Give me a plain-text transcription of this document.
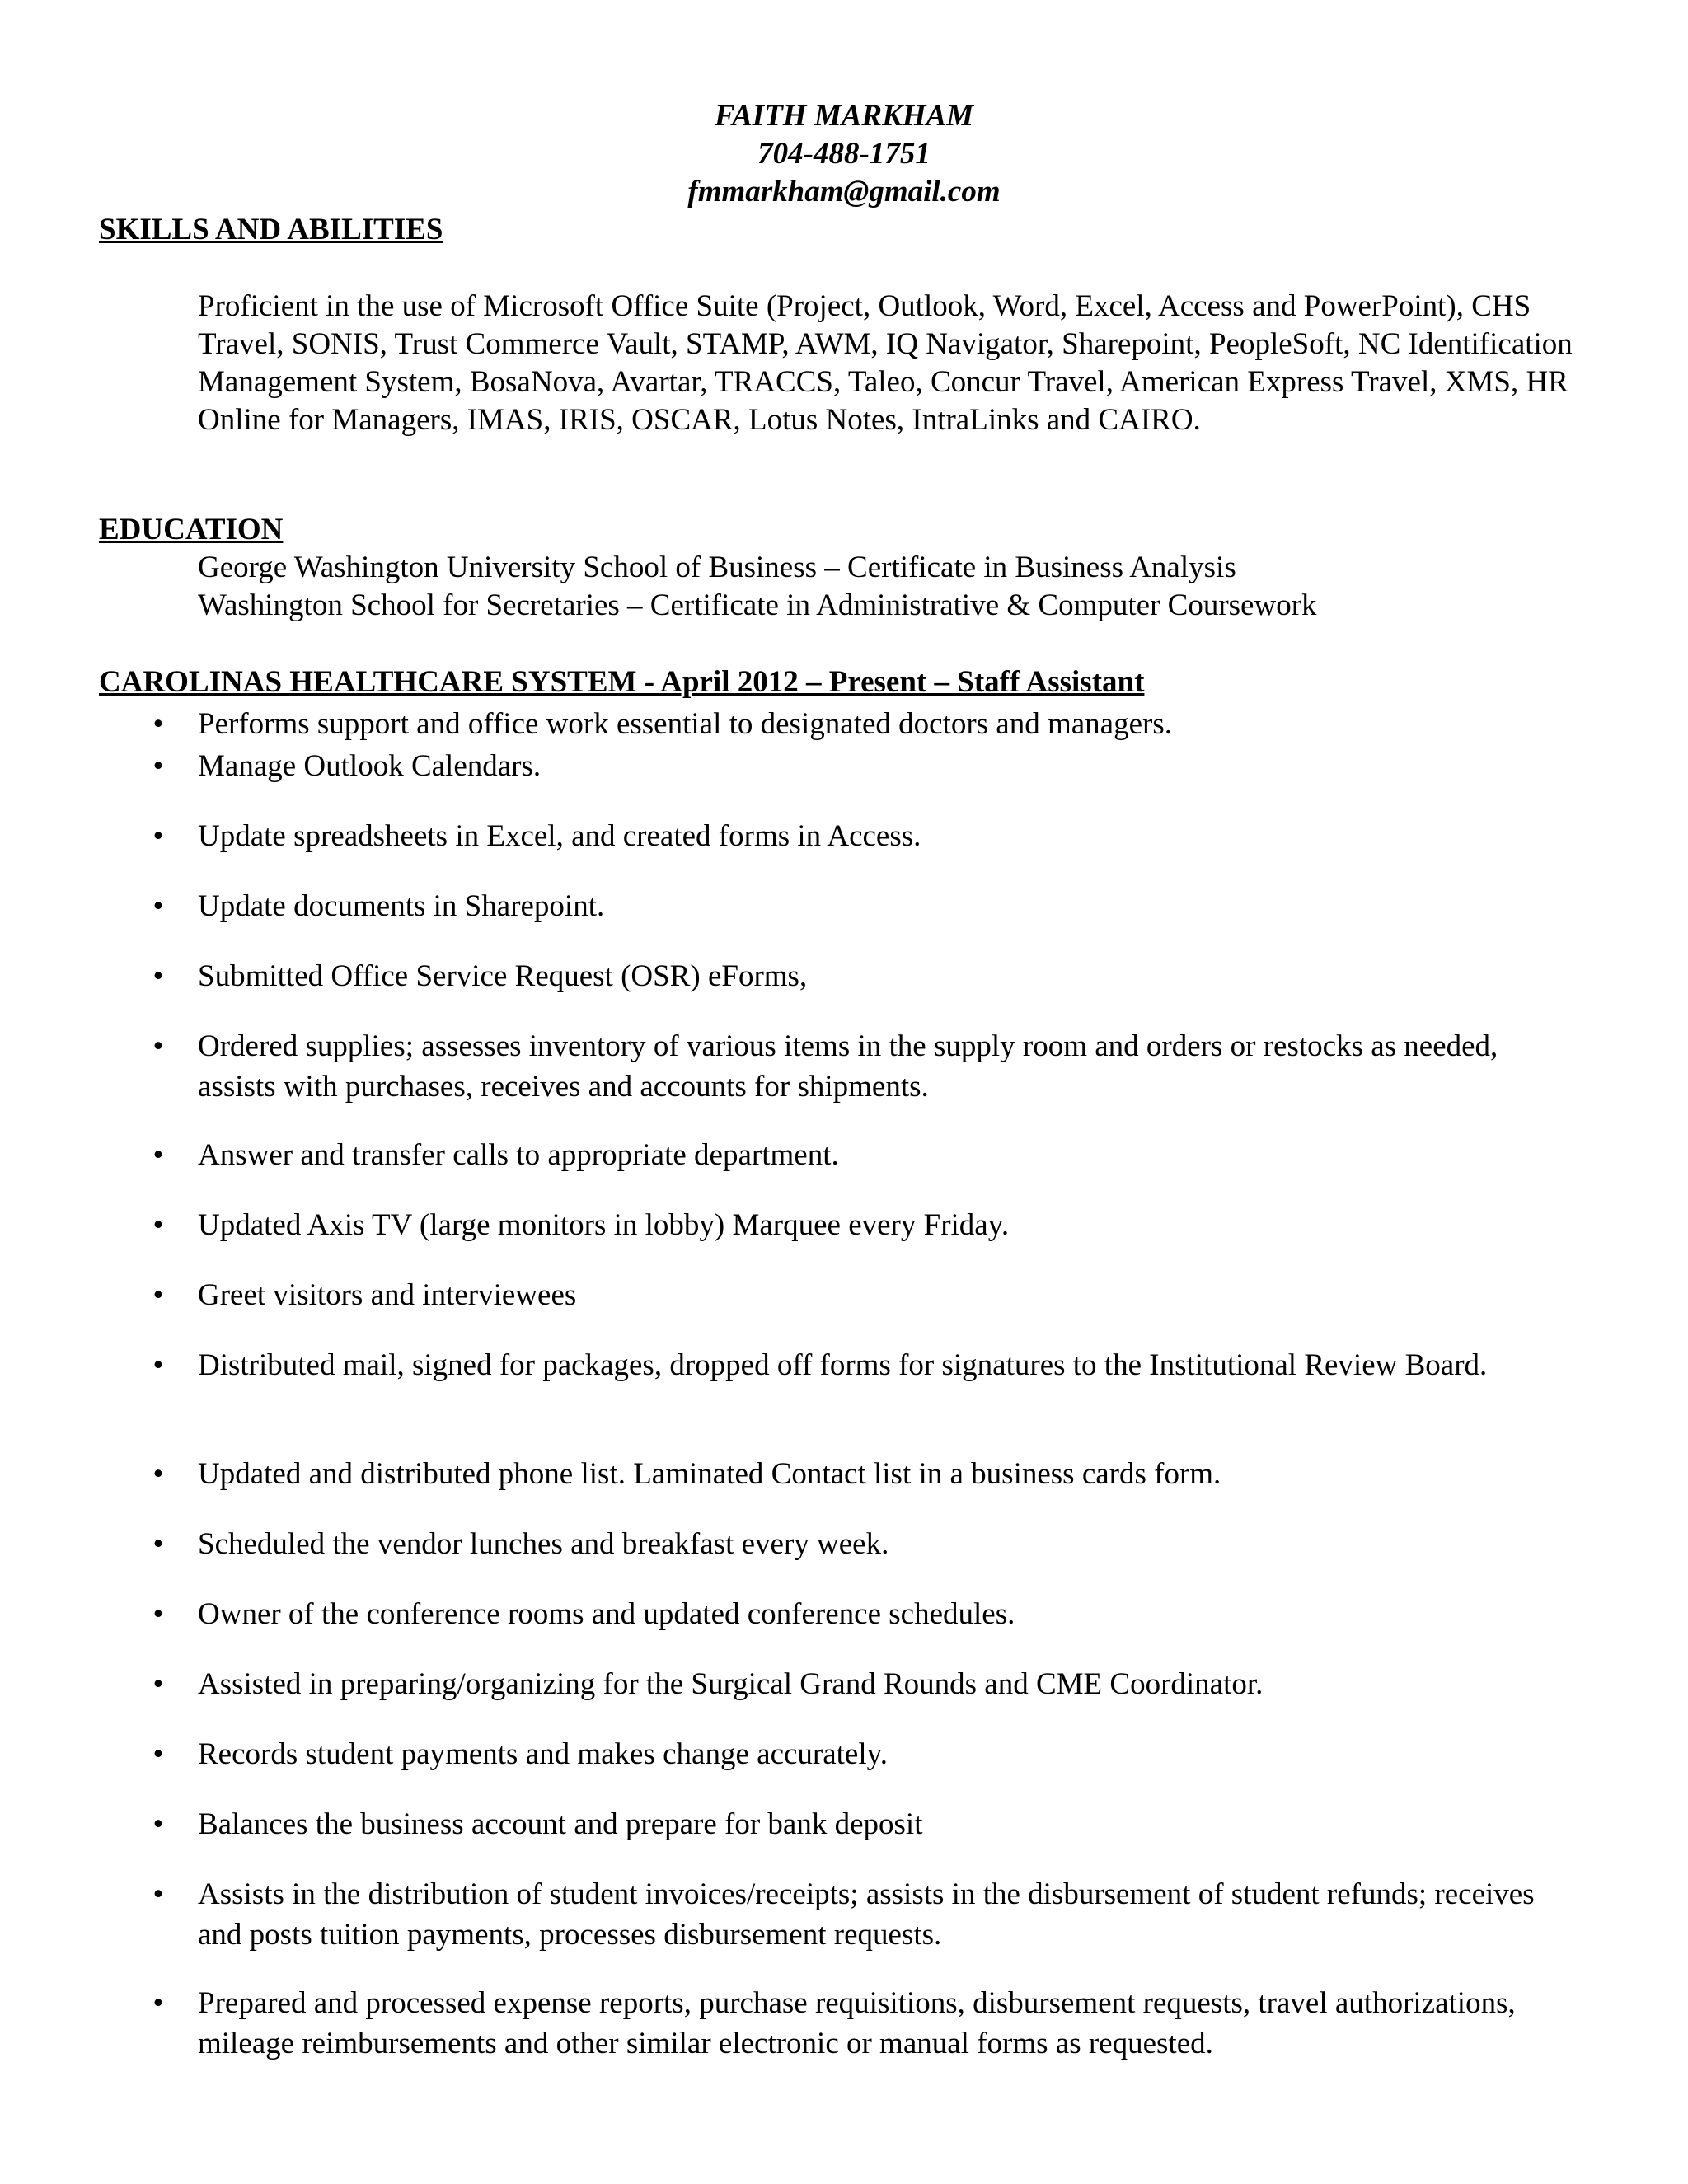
FAITH MARKHAM
704-488-1751
fmmarkham@gmail.com
SKILLS AND ABILITIES
Proficient in the use of Microsoft Office Suite (Project, Outlook, Word, Excel, Access and PowerPoint), CHS Travel, SONIS, Trust Commerce Vault, STAMP, AWM, IQ Navigator, Sharepoint, PeopleSoft, NC Identification Management System, BosaNova, Avartar, TRACCS, Taleo, Concur Travel, American Express Travel, XMS, HR Online for Managers, IMAS, IRIS, OSCAR, Lotus Notes, IntraLinks and CAIRO.
EDUCATION
George Washington University School of Business – Certificate in Business Analysis
Washington School for Secretaries – Certificate in Administrative & Computer Coursework
CAROLINAS HEALTHCARE SYSTEM - April 2012 – Present – Staff Assistant
• Performs support and office work essential to designated doctors and managers.
• Manage Outlook Calendars.
• Update spreadsheets in Excel, and created forms in Access.
• Update documents in Sharepoint.
• Submitted Office Service Request (OSR) eForms,
• Ordered supplies; assesses inventory of various items in the supply room and orders or restocks as needed, assists with purchases, receives and accounts for shipments.
• Answer and transfer calls to appropriate department.
• Updated Axis TV (large monitors in lobby) Marquee every Friday.
• Greet visitors and interviewees
• Distributed mail, signed for packages, dropped off forms for signatures to the Institutional Review Board.
• Updated and distributed phone list. Laminated Contact list in a business cards form.
• Scheduled the vendor lunches and breakfast every week.
• Owner of the conference rooms and updated conference schedules.
• Assisted in preparing/organizing for the Surgical Grand Rounds and CME Coordinator.
• Records student payments and makes change accurately.
• Balances the business account and prepare for bank deposit
• Assists in the distribution of student invoices/receipts; assists in the disbursement of student refunds; receives and posts tuition payments, processes disbursement requests.
• Prepared and processed expense reports, purchase requisitions, disbursement requests, travel authorizations, mileage reimbursements and other similar electronic or manual forms as requested.
